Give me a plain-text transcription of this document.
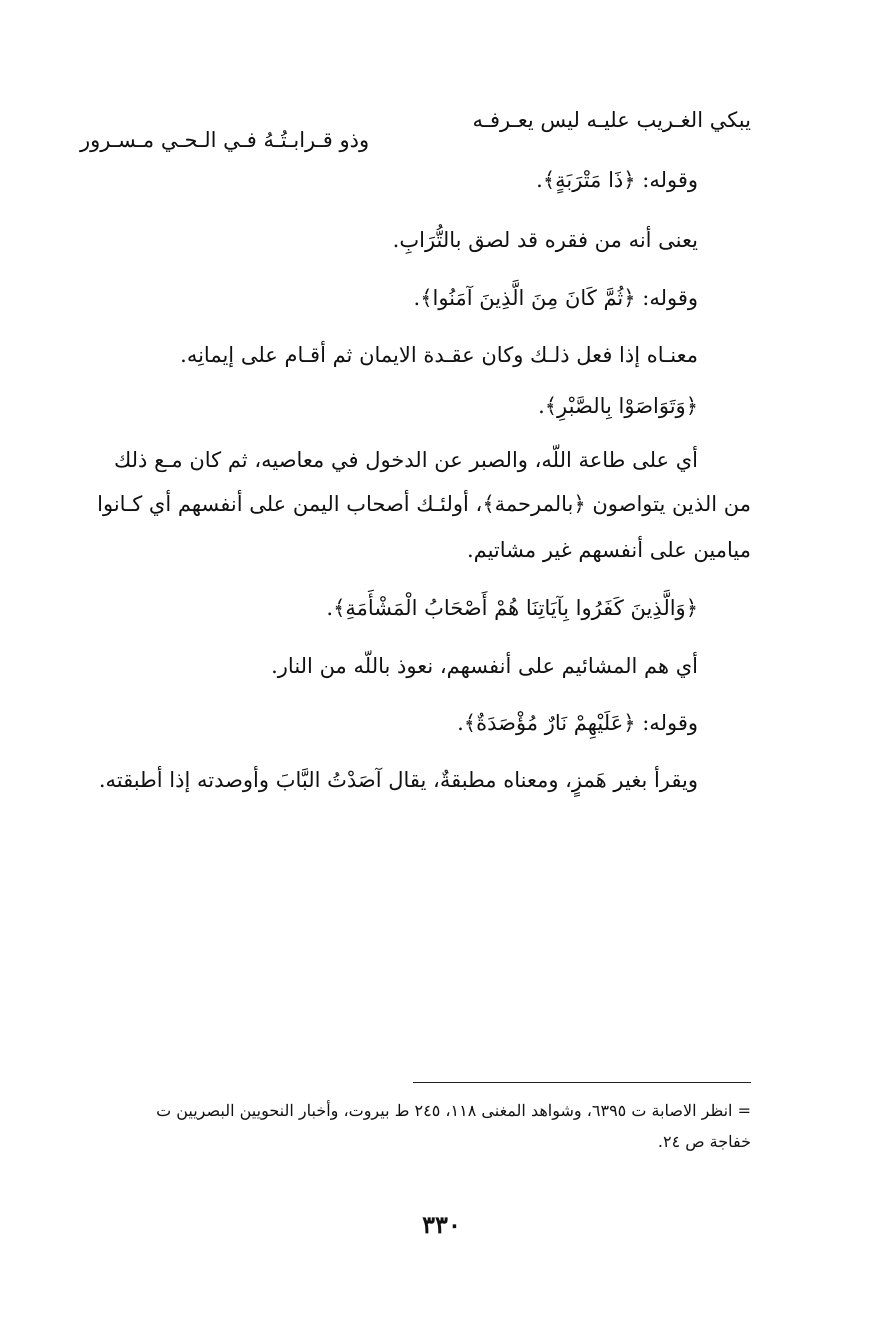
يبكي الغـريب عليـه ليس يعـرفـه
وذو قـرابـتُـهُ فـي الـحـي مـسـرور
وقوله: ﴿ذَا مَتْرَبَةٍ﴾.
يعنى أنه من فقره قد لصق بالتُّرَابِ.
وقوله: ﴿ثُمَّ كَانَ مِنَ الَّذِينَ آمَنُوا﴾.
معنـاه إذا فعل ذلـك وكان عقـدة الايمان ثم أقـام على إيمانِه.
﴿وَتَوَاصَوْا بِالصَّبْرِ﴾.
أي على طاعة اللّه، والصبر عن الدخول في معاصيه، ثم كان مـع ذلك
من الذين يتواصون ﴿بالمرحمة﴾، أولئـك أصحاب اليمن على أنفسهم أي كـانوا
ميامين على أنفسهم غير مشاتيم.
﴿وَالَّذِينَ كَفَرُوا بِآيَاتِنَا هُمْ أَصْحَابُ الْمَشْأَمَةِ﴾.
أي هم المشائيم على أنفسهم، نعوذ باللّه من النار.
وقوله: ﴿عَلَيْهِمْ نَارٌ مُؤْصَدَةٌ﴾.
ويقرأ بغير هَمزٍ، ومعناه مطبقةٌ، يقال آصَدْتُ البَّابَ وأوصدته إذا أطبقته.
= انظر الاصابة ت ٦٣٩٥، وشواهد المغنى ١١٨، ٢٤٥ ط بيروت، وأخبار النحويين البصريين ت
خفاجة ص ٢٤.
٣٣٠
